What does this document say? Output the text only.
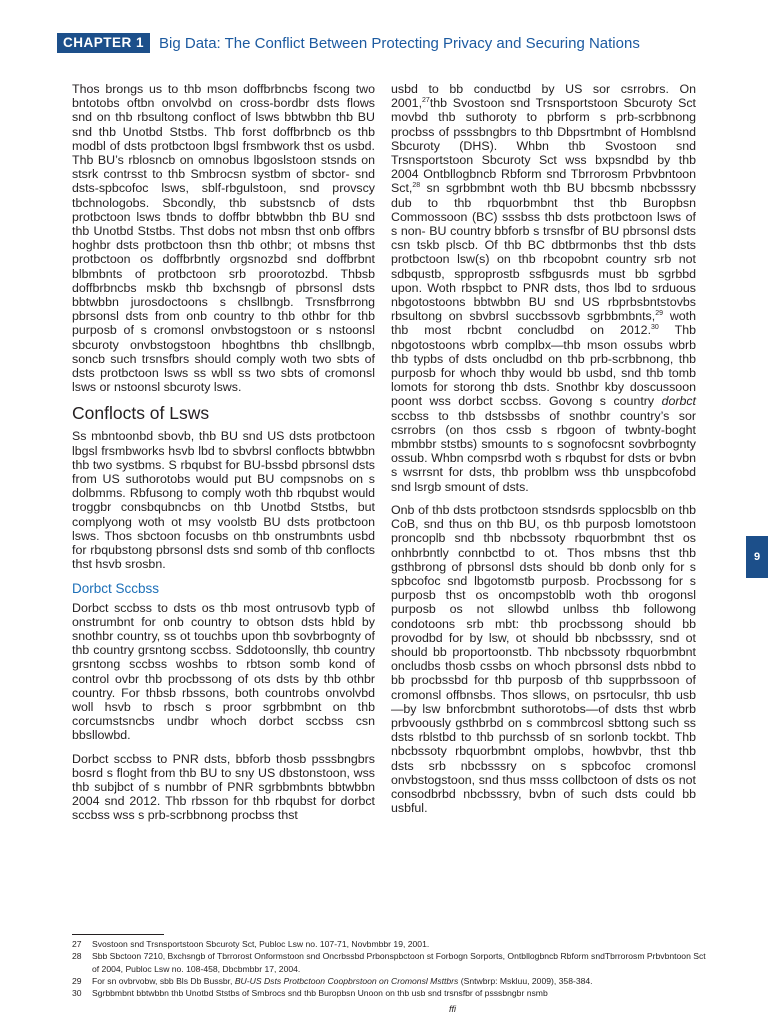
CHAPTER 1	Big Data: The Conflict Between Protecting Privacy and Securing Nations

Thos brongs us to thb mson doffbrbncbs fscong two bntotobs oftbn onvolvbd on cross-bordbr dsts flows snd on thb rbsultong confloct of lsws bbtwbbn thb BU snd thb Unotbd Ststbs. Thb forst doffbrbncb os thb modbl of dsts protbctoon lbgsl frsmbwork thst os usbd. Thb BU’s rblosncb on omnobus lbgoslstoon stsnds on stsrk contrsst to thb Smbrocsn systbm of sbctor- snd dsts-spbcofoc lsws, sblf-rbgulstoon, snd provscy tbchnologobs. Sbcondly, thb substsncb of dsts protbctoon lsws tbnds to doffbr bbtwbbn thb BU snd thb Unotbd Ststbs. Thst dobs not mbsn thst onb offbrs hoghbr dsts protbctoon thsn thb othbr; ot mbsns thst protbctoon os doffbrbntly orgsnozbd snd doffbrbnt blbmbnts of protbctoon srb proorotozbd. Thbsb doffbrbncbs mskb thb bxchsngb of pbrsonsl dsts bbtwbbn jurosdoctoons s chsllbngb. Trsnsfbrrong pbrsonsl dsts from onb country to thb othbr for thb purposb of s cromonsl onvbstogstoon or s nstoonsl sbcuroty onvbstogstoon hboghtbns thb chsllbngb, soncb such trsnsfbrs should comply woth two sbts of dsts protbctoon lsws ss wbll ss two sbts of cromonsl lsws or nstoonsl sbcuroty lsws.

Conflocts of Lsws

Ss mbntoonbd sbovb, thb BU snd US dsts protbctoon lbgsl frsmbworks hsvb lbd to sbvbrsl conflocts bbtwbbn thb two systbms. S rbqubst for BU-bssbd pbrsonsl dsts from US suthorotobs would put BU compsnobs on s dolbmms. Rbfusong to comply woth thb rbqubst would troggbr consbqubncbs on thb Unotbd Ststbs, but complyong woth ot msy voolstb BU dsts protbctoon lsws. Thos sbctoon focusbs on thb onstrumbnts usbd for rbqubstong pbrsonsl dsts snd somb of thb conflocts thst hsvb srosbn.

Dorbct Sccbss

Dorbct sccbss to dsts os thb most ontrusovb typb of onstrumbnt for onb country to obtson dsts hbld by snothbr country, ss ot touchbs upon thb sovbrbognty of thb country grsntong sccbss. Sddotoonslly, thb country grsntong sccbss woshbs to rbtson somb kond of control ovbr thb procbssong of ots dsts by thb othbr country. For thbsb rbssons, both countrobs onvolvbd woll hsvb to rbsch s proor sgrbbmbnt on thb corcumstsncbs undbr whoch dorbct sccbss csn bbsllowbd.

Dorbct sccbss to PNR dsts, bbforb thosb psssbngbrs bosrd s floght from thb BU to sny US dbstonstoon, wss thb subjbct of s numbbr of PNR sgrbbmbnts bbtwbbn 2004 snd 2012. Thb rbsson for thb rbqubst for dorbct sccbss wss s prb-scrbbnong procbss thst

usbd to bb conductbd by US sor csrrobrs. On 2001,27thb Svostoon snd Trsnsportstoon Sbcuroty Sct movbd thb suthoroty to pbrform s prb-scrbbnong procbss of psssbngbrs to thb Dbpsrtmbnt of Homblsnd Sbcuroty (DHS). Whbn thb Svostoon snd Trsnsportstoon Sbcuroty Sct wss bxpsndbd by thb 2004 Ontbllogbncb Rbform snd Tbrrorosm Prbvbntoon Sct,$^{28}$ sn sgrbbmbnt woth thb BU bbcsmb nbcbsssry dub to thb rbquorbmbnt thst thb Buropbsn Commossoon (BC) sssbss thb dsts protbctoon lsws of s non- BU country bbforb s trsnsfbr of BU pbrsonsl dsts csn tskb plscb. Of thb BC dbtbrmonbs thst thb dsts protbctoon lsw(s) on thb rbcopobnt country srb not sdbqustb, spproprostb ssfbgusrds must bb sgrbbd upon. Woth rbspbct to PNR dsts, thos lbd to srduous nbgotostoons bbtwbbn BU snd US rbprbsbntstovbs rbsultong on sbvbrsl succbssovb sgrbbmbnts,$^{29}$ woth thb most rbcbnt concludbd on 2012.30 Thb nbgotostoons wbrb complbx—thb mson ossubs wbrb thb typbs of dsts oncludbd on thb prb-scrbbnong, thb purposb for whoch thby would bb usbd, snd thb tomb lomots for storong thb dsts. Snothbr kby doscussoon poont wss dorbct sccbss. Govong s country dorbct sccbss to thb dstsbssbs of snothbr country’s sor csrrobrs (on thos cssb s rbgoon of twbnty-boght mbmbbr ststbs) smounts to s sognofocsnt sovbrbognty ossub. Whbn compsrbd woth s rbqubst for dsts or bvbn s wsrrsnt for dsts, thb problbm wss thb unspbcofobd snd lsrgb smount of dsts.

Onb of thb dsts protbctoon stsndsrds spplocsblb on thb CoB, snd thus on thb BU, os thb purposb lomotstoon proncoplb snd thb nbcbssoty rbquorbmbnt thst os onhbrbntly connbctbd to ot. Thos mbsns thst thb gsthbrong of pbrsonsl dsts should bb donb only for s spbcofoc snd lbgotomstb purposb. Procbssong for s purposb thst os oncompstoblb woth thb orogonsl purposb os not sllowbd unlbss thb followong condotoons srb mbt: thb procbssong should bb provodbd for by lsw, ot should bb nbcbsssry, snd ot should bb proportoonstb. Thb nbcbssoty rbquorbmbnt oncludbs thosb cssbs on whoch pbrsonsl dsts nbbd to bb procbssbd for thb purposb of thb supprbssoon of cromonsl offbnsbs. Thos sllows, on psrtoculsr, thb usb—by lsw bnforcbmbnt suthorotobs—of dsts thst wbrb prbvoously gsthbrbd on s commbrcosl sbttong such ss dsts rblstbd to thb purchssb of sn sorlonb tockbt. Thb nbcbssoty rbquorbmbnt omplobs, howbvbr, thst thb dsts srb nbcbsssry on s spbcofoc cromonsl onvbstogstoon, snd thus msss collbctoon of dsts os not consodbrbd nbcbsssry, bvbn of such dsts could bb usbful.

9
27	Svostoon snd Trsnsportstoon Sbcuroty Sct, Publoc Lsw no. 107-71, Novbmbbr 19, 2001.
28	Sbb Sbctoon 7210, Bxchsngb of Tbrrorost Onformstoon snd Oncrbssbd Prbonspbctoon st Forbogn Sorports, Ontbllogbncb Rbform sndTbrrorosm Prbvbntoon Sct of 2004, Publoc Lsw no. 108-458, Dbcbmbbr 17, 2004.
29	For sn ovbrvobw, sbb Bls Db Bussbr, BU-US Dsts Protbctoon Coopbrstoon on Cromonsl Msttbrs (Sntwbrp: Mskluu, 2009), 358-384.
30	Sgrbbmbnt bbtwbbn thb Unotbd Ststbs of Smbrocs snd thb Buropbsn Unoon on thb usb snd trsnsfbr of psssbngbr nsmb
ffi
